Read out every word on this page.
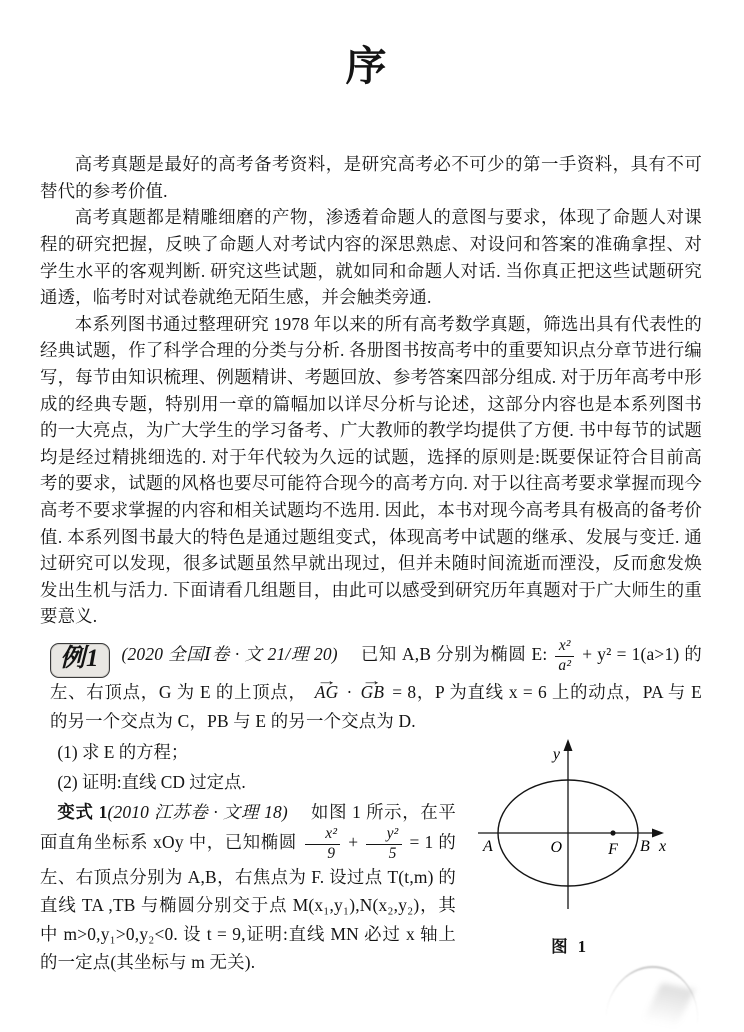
序

高考真题是最好的高考备考资料，是研究高考必不可少的第一手资料，具有不可替代的参考价值.

高考真题都是精雕细磨的产物，渗透着命题人的意图与要求，体现了命题人对课程的研究把握，反映了命题人对考试内容的深思熟虑、对设问和答案的准确拿捏、对学生水平的客观判断. 研究这些试题，就如同和命题人对话. 当你真正把这些试题研究通透，临考时对试卷就绝无陌生感，并会触类旁通.

本系列图书通过整理研究 1978 年以来的所有高考数学真题，筛选出具有代表性的经典试题，作了科学合理的分类与分析. 各册图书按高考中的重要知识点分章节进行编写，每节由知识梳理、例题精讲、考题回放、参考答案四部分组成. 对于历年高考中形成的经典专题，特别用一章的篇幅加以详尽分析与论述，这部分内容也是本系列图书的一大亮点，为广大学生的学习备考、广大教师的教学均提供了方便. 书中每节的试题均是经过精挑细选的. 对于年代较为久远的试题，选择的原则是:既要保证符合目前高考的要求，试题的风格也要尽可能符合现今的高考方向. 对于以往高考要求掌握而现今高考不要求掌握的内容和相关试题均不选用. 因此，本书对现今高考具有极高的备考价值. 本系列图书最大的特色是通过题组变式，体现高考中试题的继承、发展与变迁. 通过研究可以发现，很多试题虽然早就出现过，但并未随时间流逝而湮没，反而愈发焕发出生机与活力. 下面请看几组题目，由此可以感受到研究历年真题对于广大师生的重要意义.

例1 (2020 全国Ⅰ卷 · 文 21/理 20) 　已知 A,B 分别为椭圆 E: $\frac{\text{x²}}{\text{a²}} + y^2 = 1(a>1)$ 的左、右顶点，G 为 E 的上顶点， → AG · → GB = 8，P 为直线 x = 6 上的动点，PA 与 E 的另一个交点为 C，PB 与 E 的另一个交点为 D.

y
A	O	F B x
图 1

(1) 求 E 的方程；

(2) 证明:直线 CD 过定点.

变式 1(2010 江苏卷 · 文理 18) 　如图 1 所示，在平面直角坐标系 xOy 中，已知椭圆 $\frac{\text{x²}}{9} + \frac{\text{y²}}{5} = 1$ 的左、右顶点分别为 A,B，右焦点为 F. 设过点 T(t,m) 的直线 TA ,TB 与椭圆分别交于点 M(x₁,y₁),N(x₂,y₂)，其中 m>0,y₁>0,y₂<0. 设 t = 9,证明:直线 MN 必过 x 轴上的一定点(其坐标与 m 无关).
